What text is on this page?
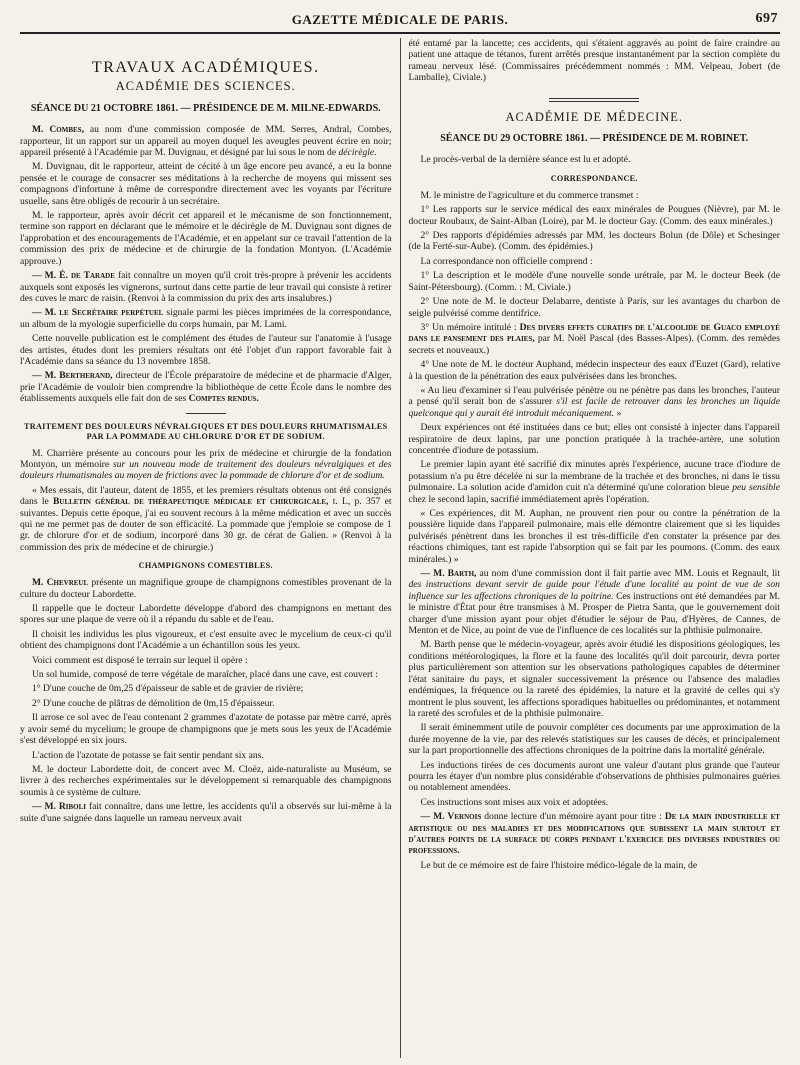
GAZETTE MÉDICALE DE PARIS.	697
TRAVAUX ACADÉMIQUES.
ACADÉMIE DES SCIENCES.
SÉANCE DU 21 OCTOBRE 1861. — PRÉSIDENCE DE M. MILNE-EDWARDS.

M. Combes, au nom d'une commission composée de MM. Serres, Andral, Combes, rapporteur, lit un rapport sur un appareil au moyen duquel les aveugles peuvent écrire en noir; appareil présenté à l'Académie par M. Duvignau, et désigné par lui sous le nom de décirègle.

M. Duvignau, dit le rapporteur, atteint de cécité à un âge encore peu avancé, a eu la bonne pensée et le courage de consacrer ses méditations à la recherche de moyens qui missent ses compagnons d'infortune à même de correspondre directement avec les voyants par l'écriture usuelle, sans être obligés de recourir à un secrétaire.

M. le rapporteur, après avoir décrit cet appareil et le mécanisme de son fonctionnement, termine son rapport en déclarant que le mémoire et le décirègle de M. Duvignau sont dignes de l'approbation et des encouragements de l'Académie, et en appelant sur ce travail l'attention de la commission des prix de médecine et de chirurgie de la fondation Montyon. (L'Académie approuve.)

— M. É. de Tarade fait connaître un moyen qu'il croit très-propre à prévenir les accidents auxquels sont exposés les vignerons, surtout dans cette partie de leur travail qui consiste à retirer des cuves le marc de raisin. (Renvoi à la commission du prix des arts insalubres.)

— M. le Secrétaire perpétuel signale parmi les pièces imprimées de la correspondance, un album de la myologie superficielle du corps humain, par M. Lami.

Cette nouvelle publication est le complément des études de l'auteur sur l'anatomie à l'usage des artistes, études dont les premiers résultats ont été l'objet d'un rapport favorable fait à l'Académie dans sa séance du 13 novembre 1858.

— M. Bertherand, directeur de l'École préparatoire de médecine et de pharmacie d'Alger, prie l'Académie de vouloir bien comprendre la bibliothèque de cette École dans le nombre des établissements auxquels elle fait don de ses Comptes rendus.

TRAITEMENT DES DOULEURS NÉVRALGIQUES ET DES DOULEURS RHUMATISMALES PAR LA POMMADE AU CHLORURE D'OR ET DE SODIUM.

M. Charrière présente au concours pour les prix de médecine et chirurgie de la fondation Montyon, un mémoire sur un nouveau mode de traitement des douleurs névralgiques et des douleurs rhumatismales au moyen de frictions avec la pommade de chlorure d'or et de sodium.

« Mes essais, dit l'auteur, datent de 1855, et les premiers résultats obtenus ont été consignés dans le Bulletin général de thérapeutique médicale et chirurgicale, t. L, p. 357 et suivantes. Depuis cette époque, j'ai eu souvent recours à la même médication et avec un succès qui ne me permet pas de douter de son efficacité. La pommade que j'emploie se compose de 1 gr. de chlorure d'or et de sodium, incorporé dans 30 gr. de cérat de Galien. » (Renvoi à la commission des prix de médecine et de chirurgie.)

CHAMPIGNONS COMESTIBLES.

M. Chevreul présente un magnifique groupe de champignons comestibles provenant de la culture du docteur Labordette.

Il rappelle que le docteur Labordette développe d'abord des champignons en mettant des spores sur une plaque de verre où il a répandu du sable et de l'eau.

Il choisit les individus les plus vigoureux, et c'est ensuite avec le mycelium de ceux-ci qu'il obtient des champignons dont l'Académie a un échantillon sous les yeux.

Voici comment est disposé le terrain sur lequel il opère :

Un sol humide, composé de terre végétale de maraîcher, placé dans une cave, est couvert :

1° D'une couche de 0m,25 d'épaisseur de sable et de gravier de rivière;

2° D'une couche de plâtras de démolition de 0m,15 d'épaisseur.

Il arrose ce sol avec de l'eau contenant 2 grammes d'azotate de potasse par mètre carré, après y avoir semé du mycelium; le groupe de champignons que je mets sous les yeux de l'Académie s'est développé en six jours.

L'action de l'azotate de potasse se fait sentir pendant six ans.

M. le docteur Labordette doit, de concert avec M. Cloëz, aide-naturaliste au Muséum, se livrer à des recherches expérimentales sur le développement si remarquable des champignons soumis à ce système de culture.

— M. Riboli fait connaître, dans une lettre, les accidents qu'il a observés sur lui-même à la suite d'une saignée dans laquelle un rameau nerveux avait

été entamé par la lancette; ces accidents, qui s'étaient aggravés au point de faire craindre au patient une attaque de tétanos, furent arrêtés presque instantanément par la section complète du rameau nerveux lésé. (Commissaires précédemment nommés : MM. Velpeau, Jobert (de Lamballe), Civiale.)

ACADÉMIE DE MÉDECINE.
SÉANCE DU 29 OCTOBRE 1861. — PRÉSIDENCE DE M. ROBINET.

Le procès-verbal de la dernière séance est lu et adopté.

CORRESPONDANCE.

M. le ministre de l'agriculture et du commerce transmet :

1° Les rapports sur le service médical des eaux minérales de Pougues (Nièvre), par M. le docteur Roubaux, de Saint-Alban (Loire), par M. le docteur Gay. (Comm. des eaux minérales.)

2° Des rapports d'épidémies adressés par MM. les docteurs Bolun (de Dôle) et Schesinger (de la Ferté-sur-Aube). (Comm. des épidémies.)

La correspondance non officielle comprend :

1° La description et le modèle d'une nouvelle sonde urétrale, par M. le docteur Beek (de Saint-Pétersbourg). (Comm. : M. Civiale.)

2° Une note de M. le docteur Delabarre, dentiste à Paris, sur les avantages du charbon de seigle pulvérisé comme dentifrice.

3° Un mémoire intitulé : Des divers effets curatifs de l'alcoolide de Guaco employé dans le pansement des plaies, par M. Noël Pascal (des Basses-Alpes). (Comm. des remèdes secrets et nouveaux.)

4° Une note de M. le docteur Auphand, médecin inspecteur des eaux d'Euzet (Gard), relative à la question de la pénétration des eaux pulvérisées dans les bronches.

« Au lieu d'examiner si l'eau pulvérisée pénètre ou ne pénètre pas dans les bronches, l'auteur a pensé qu'il serait bon de s'assurer s'il est facile de retrouver dans les bronches un liquide quelconque qui y aurait été introduit mécaniquement. »

Deux expériences ont été instituées dans ce but; elles ont consisté à injecter dans l'appareil respiratoire de deux lapins, par une ponction pratiquée à la trachée-artère, une solution concentrée d'iodure de potassium.

Le premier lapin ayant été sacrifié dix minutes après l'expérience, aucune trace d'iodure de potassium n'a pu être décelée ni sur la membrane de la trachée et des bronches, ni dans le tissu pulmonaire. La solution acide d'amidon cuit n'a déterminé qu'une coloration bleue peu sensible chez le second lapin, sacrifié immédiatement après l'opération.

« Ces expériences, dit M. Auphan, ne prouvent rien pour ou contre la pénétration de la poussière liquide dans l'appareil pulmonaire, mais elle démontre clairement que si les liquides pulvérisés pénètrent dans les bronches il est très-difficile d'en constater la présence par des réactions chimiques, tant est rapide l'absorption qui se fait par les poumons. (Comm. des eaux minérales.) »

— M. Barth, au nom d'une commission dont il fait partie avec MM. Louis et Regnault, lit des instructions devant servir de guide pour l'étude d'une localité au point de vue de son influence sur les affections chroniques de la poitrine. Ces instructions ont été demandées par M. le ministre d'État pour être transmises à M. Prosper de Pietra Santa, que le gouvernement doit charger d'une mission ayant pour objet d'étudier le séjour de Pau, d'Hyères, de Cannes, de Menton et de Nice, au point de vue de l'influence de ces localités sur la phthisie pulmonaire.

M. Barth pense que le médecin-voyageur, après avoir étudié les dispositions géologiques, les conditions météorologiques, la flore et la faune des localités qu'il doit parcourir, devra porter plus particulièrement son attention sur les observations pathologiques capables de déterminer l'état sanitaire du pays, et signaler successivement la présence ou l'absence des maladies endémiques, la fréquence ou la rareté des épidémies, la nature et la gravité de celles qui s'y montrent le plus souvent, les affections sporadiques habituelles ou prédominantes, et notamment la rareté des scrofules et de la phthisie pulmonaire.

Il serait éminemment utile de pouvoir compléter ces documents par une approximation de la durée moyenne de la vie, par des relevés statistiques sur les causes de décès, et principalement sur la part proportionnelle des affections chroniques de la poitrine dans la mortalité générale.

Les inductions tirées de ces documents auront une valeur d'autant plus grande que l'auteur pourra les étayer d'un nombre plus considérable d'observations de phthisies pulmonaires guéries ou notablement amendées.

Ces instructions sont mises aux voix et adoptées.

— M. Vernois donne lecture d'un mémoire ayant pour titre : De la main industrielle et artistique ou des maladies et des modifications que subissent la main surtout et d'autres points de la surface du corps pendant l'exercice des diverses industries ou professions.

Le but de ce mémoire est de faire l'histoire médico-légale de la main, de
